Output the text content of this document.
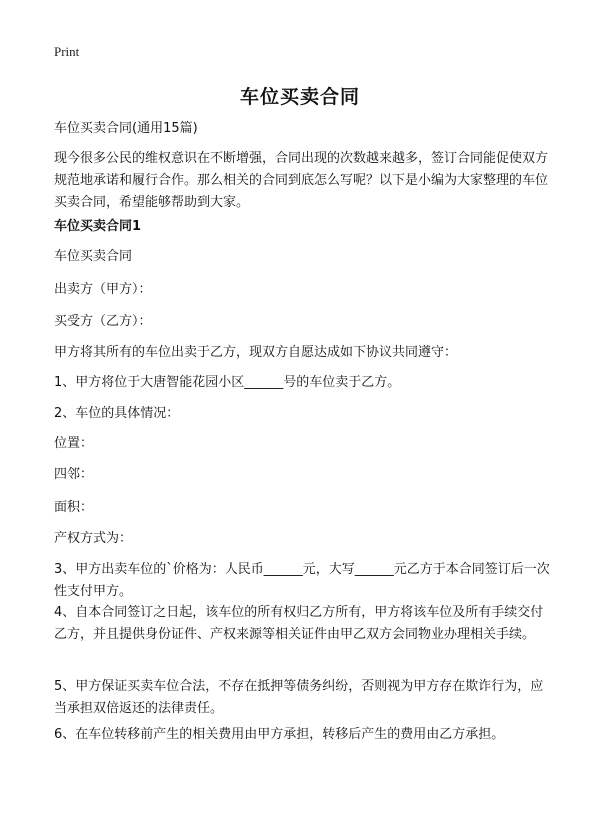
Print
车位买卖合同
车位买卖合同(通用15篇)

现今很多公民的维权意识在不断增强，合同出现的次数越来越多，签订合同能促使双方规范地承诺和履行合作。那么相关的合同到底怎么写呢？以下是小编为大家整理的车位买卖合同，希望能够帮助到大家。

车位买卖合同1
车位买卖合同
出卖方（甲方）：
买受方（乙方）：
甲方将其所有的车位出卖于乙方，现双方自愿达成如下协议共同遵守：
1、甲方将位于大唐智能花园小区______号的车位卖于乙方。
2、车位的具体情况：
位置：
四邻：
面积：
产权方式为：

3、甲方出卖车位的`价格为：人民币______元，大写______元乙方于本合同签订后一次性支付甲方。

4、自本合同签订之日起，该车位的所有权归乙方所有，甲方将该车位及所有手续交付乙方，并且提供身份证件、产权来源等相关证件由甲乙双方会同物业办理相关手续。

5、甲方保证买卖车位合法，不存在抵押等债务纠纷，否则视为甲方存在欺诈行为，应当承担双倍返还的法律责任。

6、在车位转移前产生的相关费用由甲方承担，转移后产生的费用由乙方承担。
